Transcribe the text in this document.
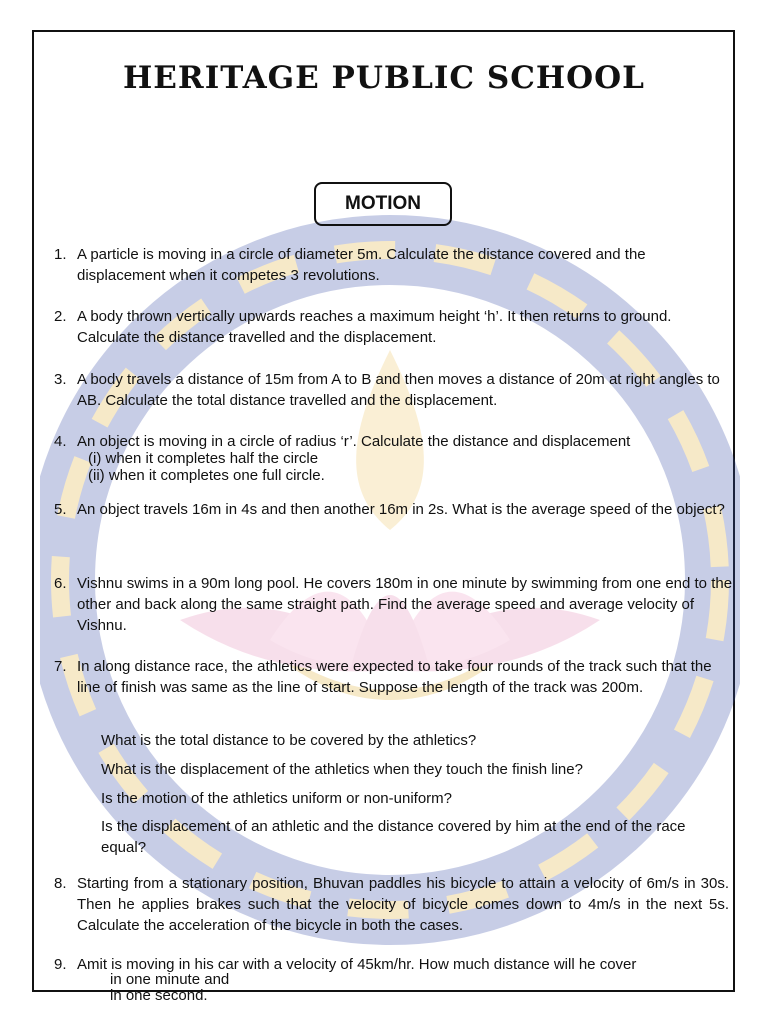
HERITAGE PUBLIC SCHOOL
MOTION
1. A particle is moving in a circle of diameter 5m. Calculate the distance covered and the displacement when it competes 3 revolutions.
2. A body thrown vertically upwards reaches a maximum height ‘h’. It then returns to ground. Calculate the distance travelled and the displacement.
3. A body travels a distance of 15m from A to B and then moves a distance of 20m at right angles to AB. Calculate the total distance travelled and the displacement.
4. An object is moving in a circle of radius ‘r’. Calculate the distance and displacement
(i) when it completes half the circle
(ii) when it completes one full circle.
5. An object travels 16m in 4s and then another 16m in 2s. What is the average speed of the object?
6. Vishnu swims in a 90m long pool. He covers 180m in one minute by swimming from one end to the other and back along the same straight path. Find the average speed and average velocity of Vishnu.
7. In along distance race, the athletics were expected to take four rounds of the track such that the line of finish was same as the line of start. Suppose the length of the track was 200m.
What is the total distance to be covered by the athletics?
What is the displacement of the athletics when they touch the finish line?
Is the motion of the athletics uniform or non-uniform?
Is the displacement of an athletic and the distance covered by him at the end of the race equal?
8. Starting from a stationary position, Bhuvan paddles his bicycle to attain a velocity of 6m/s in 30s. Then he applies brakes such that the velocity of bicycle comes down to 4m/s in the next 5s. Calculate the acceleration of the bicycle in both the cases.
9. Amit is moving in his car with a velocity of 45km/hr. How much distance will he cover
in one minute and
in one second.
